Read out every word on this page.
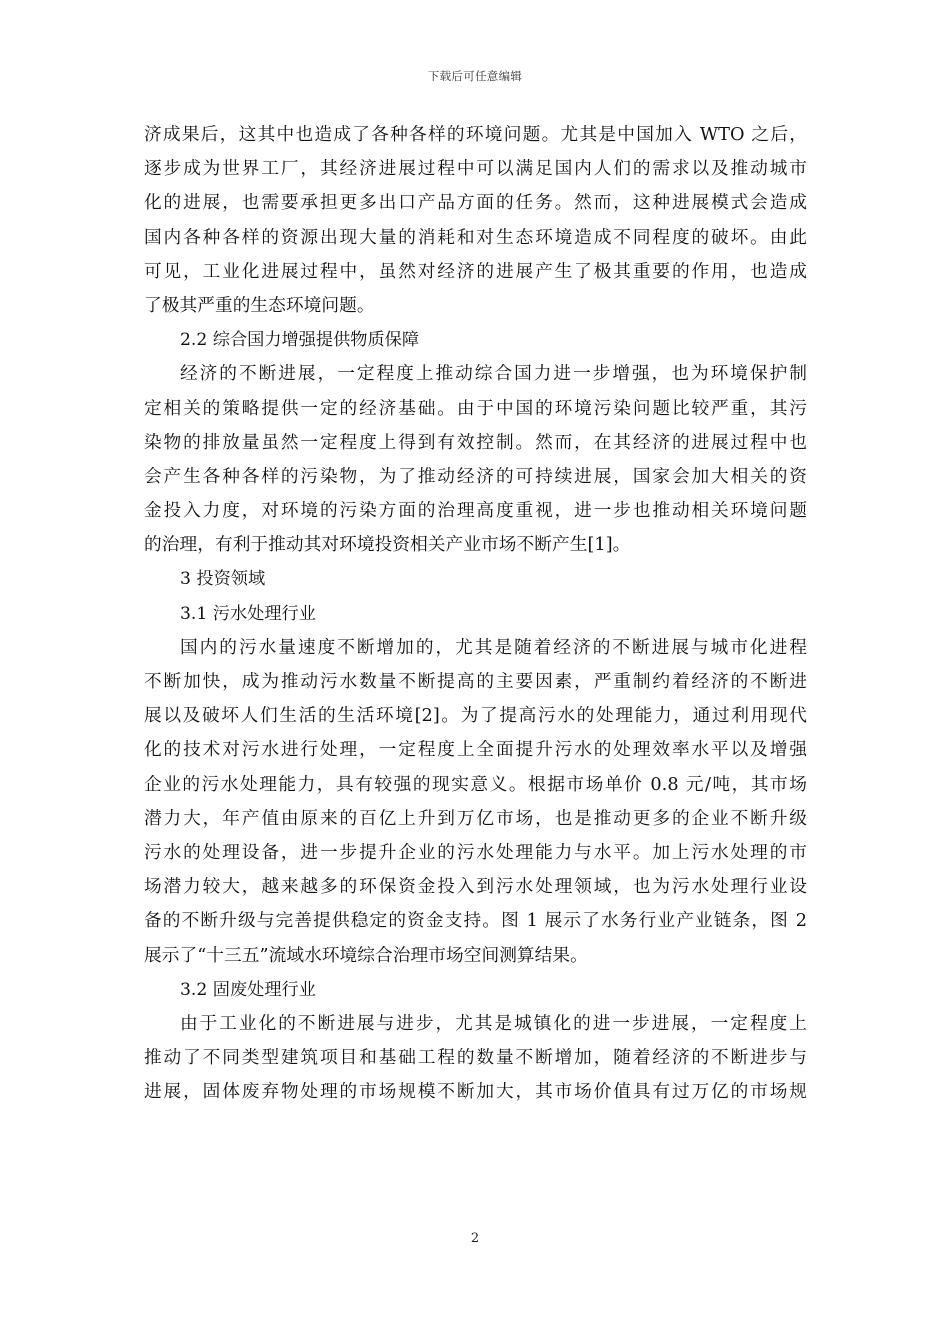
下载后可任意编辑
济成果后，这其中也造成了各种各样的环境问题。尤其是中国加入 WTO 之后，
逐步成为世界工厂，其经济进展过程中可以满足国内人们的需求以及推动城市
化的进展，也需要承担更多出口产品方面的任务。然而，这种进展模式会造成
国内各种各样的资源出现大量的消耗和对生态环境造成不同程度的破坏。由此
可见，工业化进展过程中，虽然对经济的进展产生了极其重要的作用，也造成
了极其严重的生态环境问题。
2.2 综合国力增强提供物质保障
经济的不断进展，一定程度上推动综合国力进一步增强，也为环境保护制
定相关的策略提供一定的经济基础。由于中国的环境污染问题比较严重，其污
染物的排放量虽然一定程度上得到有效控制。然而，在其经济的进展过程中也
会产生各种各样的污染物，为了推动经济的可持续进展，国家会加大相关的资
金投入力度，对环境的污染方面的治理高度重视，进一步也推动相关环境问题
的治理，有利于推动其对环境投资相关产业市场不断产生[1]。
3 投资领域
3.1 污水处理行业
国内的污水量速度不断增加的，尤其是随着经济的不断进展与城市化进程
不断加快，成为推动污水数量不断提高的主要因素，严重制约着经济的不断进
展以及破坏人们生活的生活环境[2]。为了提高污水的处理能力，通过利用现代
化的技术对污水进行处理，一定程度上全面提升污水的处理效率水平以及增强
企业的污水处理能力，具有较强的现实意义。根据市场单价 0.8 元/吨，其市场
潜力大，年产值由原来的百亿上升到万亿市场，也是推动更多的企业不断升级
污水的处理设备，进一步提升企业的污水处理能力与水平。加上污水处理的市
场潜力较大，越来越多的环保资金投入到污水处理领域，也为污水处理行业设
备的不断升级与完善提供稳定的资金支持。图 1 展示了水务行业产业链条，图 2
展示了“十三五”流域水环境综合治理市场空间测算结果。
3.2 固废处理行业
由于工业化的不断进展与进步，尤其是城镇化的进一步进展，一定程度上
推动了不同类型建筑项目和基础工程的数量不断增加，随着经济的不断进步与
进展，固体废弃物处理的市场规模不断加大，其市场价值具有过万亿的市场规
2
